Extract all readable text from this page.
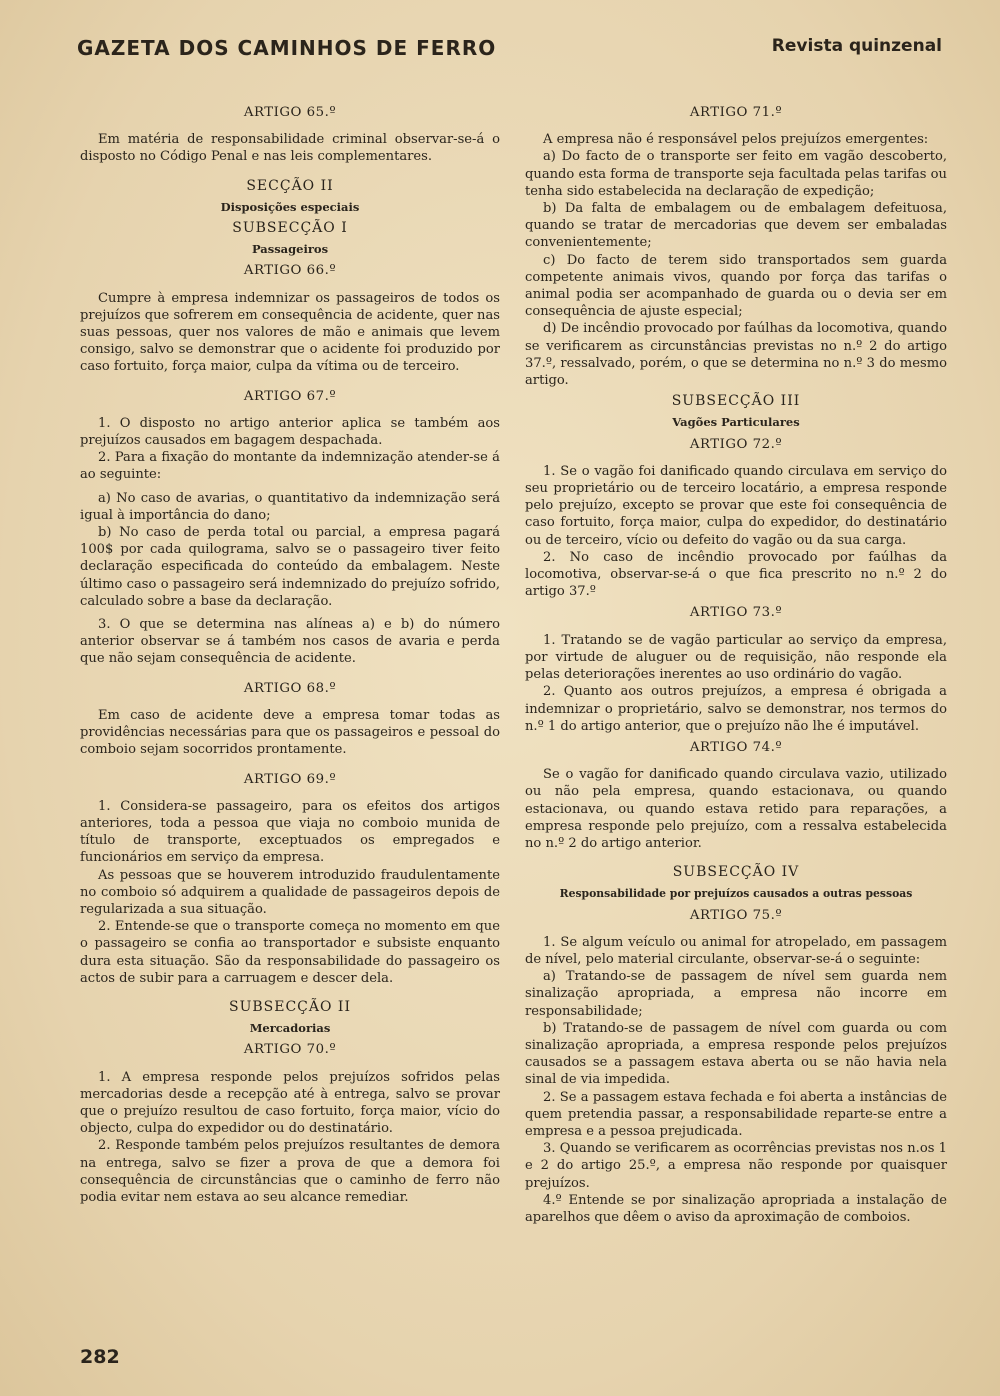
GAZETA DOS CAMINHOS DE FERRO	Revista quinzenal
ARTIGO 65.º

Em matéria de responsabilidade criminal observar-se-á o disposto no Código Penal e nas leis complementares.

SECÇÃO II
Disposições especiais
SUBSECÇÃO I
Passageiros
ARTIGO 66.º

Cumpre à empresa indemnizar os passageiros de todos os prejuízos que sofrerem em consequência de acidente, quer nas suas pessoas, quer nos valores de mão e animais que levem consigo, salvo se demonstrar que o acidente foi produzido por caso fortuito, força maior, culpa da vítima ou de terceiro.

ARTIGO 67.º

1. O disposto no artigo anterior aplica se também aos prejuízos causados em bagagem despachada.

2. Para a fixação do montante da indemnização atender-se á ao seguinte:

a) No caso de avarias, o quantitativo da indemnização será igual à importância do dano;

b) No caso de perda total ou parcial, a empresa pagará 100$ por cada quilograma, salvo se o passageiro tiver feito declaração especificada do conteúdo da embalagem. Neste último caso o passageiro será indemnizado do prejuízo sofrido, calculado sobre a base da declaração.

3. O que se determina nas alíneas a) e b) do número anterior observar se á também nos casos de avaria e perda que não sejam consequência de acidente.

ARTIGO 68.º

Em caso de acidente deve a empresa tomar todas as providências necessárias para que os passageiros e pessoal do comboio sejam socorridos prontamente.

ARTIGO 69.º

1. Considera-se passageiro, para os efeitos dos artigos anteriores, toda a pessoa que viaja no comboio munida de título de transporte, exceptuados os empregados e funcionários em serviço da empresa.

As pessoas que se houverem introduzido fraudulentamente no comboio só adquirem a qualidade de passageiros depois de regularizada a sua situação.

2. Entende-se que o transporte começa no momento em que o passageiro se confia ao transportador e subsiste enquanto dura esta situação. São da responsabilidade do passageiro os actos de subir para a carruagem e descer dela.

SUBSECÇÃO II
Mercadorias
ARTIGO 70.º

1. A empresa responde pelos prejuízos sofridos pelas mercadorias desde a recepção até à entrega, salvo se provar que o prejuízo resultou de caso fortuito, força maior, vício do objecto, culpa do expedidor ou do destinatário.

2. Responde também pelos prejuízos resultantes de demora na entrega, salvo se fizer a prova de que a demora foi consequência de circunstâncias que o caminho de ferro não podia evitar nem estava ao seu alcance remediar.

ARTIGO 71.º

A empresa não é responsável pelos prejuízos emergentes:

a) Do facto de o transporte ser feito em vagão descoberto, quando esta forma de transporte seja facultada pelas tarifas ou tenha sido estabelecida na declaração de expedição;

b) Da falta de embalagem ou de embalagem defeituosa, quando se tratar de mercadorias que devem ser embaladas convenientemente;

c) Do facto de terem sido transportados sem guarda competente animais vivos, quando por força das tarifas o animal podia ser acompanhado de guarda ou o devia ser em consequência de ajuste especial;

d) De incêndio provocado por faúlhas da locomotiva, quando se verificarem as circunstâncias previstas no n.º 2 do artigo 37.º, ressalvado, porém, o que se determina no n.º 3 do mesmo artigo.

SUBSECÇÃO III
Vagões Particulares
ARTIGO 72.º

1. Se o vagão foi danificado quando circulava em serviço do seu proprietário ou de terceiro locatário, a empresa responde pelo prejuízo, excepto se provar que este foi consequência de caso fortuito, força maior, culpa do expedidor, do destinatário ou de terceiro, vício ou defeito do vagão ou da sua carga.

2. No caso de incêndio provocado por faúlhas da locomotiva, observar-se-á o que fica prescrito no n.º 2 do artigo 37.º

ARTIGO 73.º

1. Tratando se de vagão particular ao serviço da empresa, por virtude de aluguer ou de requisição, não responde ela pelas deteriorações inerentes ao uso ordinário do vagão.

2. Quanto aos outros prejuízos, a empresa é obrigada a indemnizar o proprietário, salvo se demonstrar, nos termos do n.º 1 do artigo anterior, que o prejuízo não lhe é imputável.

ARTIGO 74.º

Se o vagão for danificado quando circulava vazio, utilizado ou não pela empresa, quando estacionava, ou quando estacionava, ou quando estava retido para reparações, a empresa responde pelo prejuízo, com a ressalva estabelecida no n.º 2 do artigo anterior.

SUBSECÇÃO IV
Responsabilidade por prejuízos causados a outras pessoas
ARTIGO 75.º

1. Se algum veículo ou animal for atropelado, em passagem de nível, pelo material circulante, observar-se-á o seguinte:

a) Tratando-se de passagem de nível sem guarda nem sinalização apropriada, a empresa não incorre em responsabilidade;

b) Tratando-se de passagem de nível com guarda ou com sinalização apropriada, a empresa responde pelos prejuízos causados se a passagem estava aberta ou se não havia nela sinal de via impedida.

2. Se a passagem estava fechada e foi aberta a instâncias de quem pretendia passar, a responsabilidade reparte-se entre a empresa e a pessoa prejudicada.

3. Quando se verificarem as ocorrências previstas nos n.os 1 e 2 do artigo 25.º, a empresa não responde por quaisquer prejuízos.

4.º Entende se por sinalização apropriada a instalação de aparelhos que dêem o aviso da aproximação de comboios.

282
